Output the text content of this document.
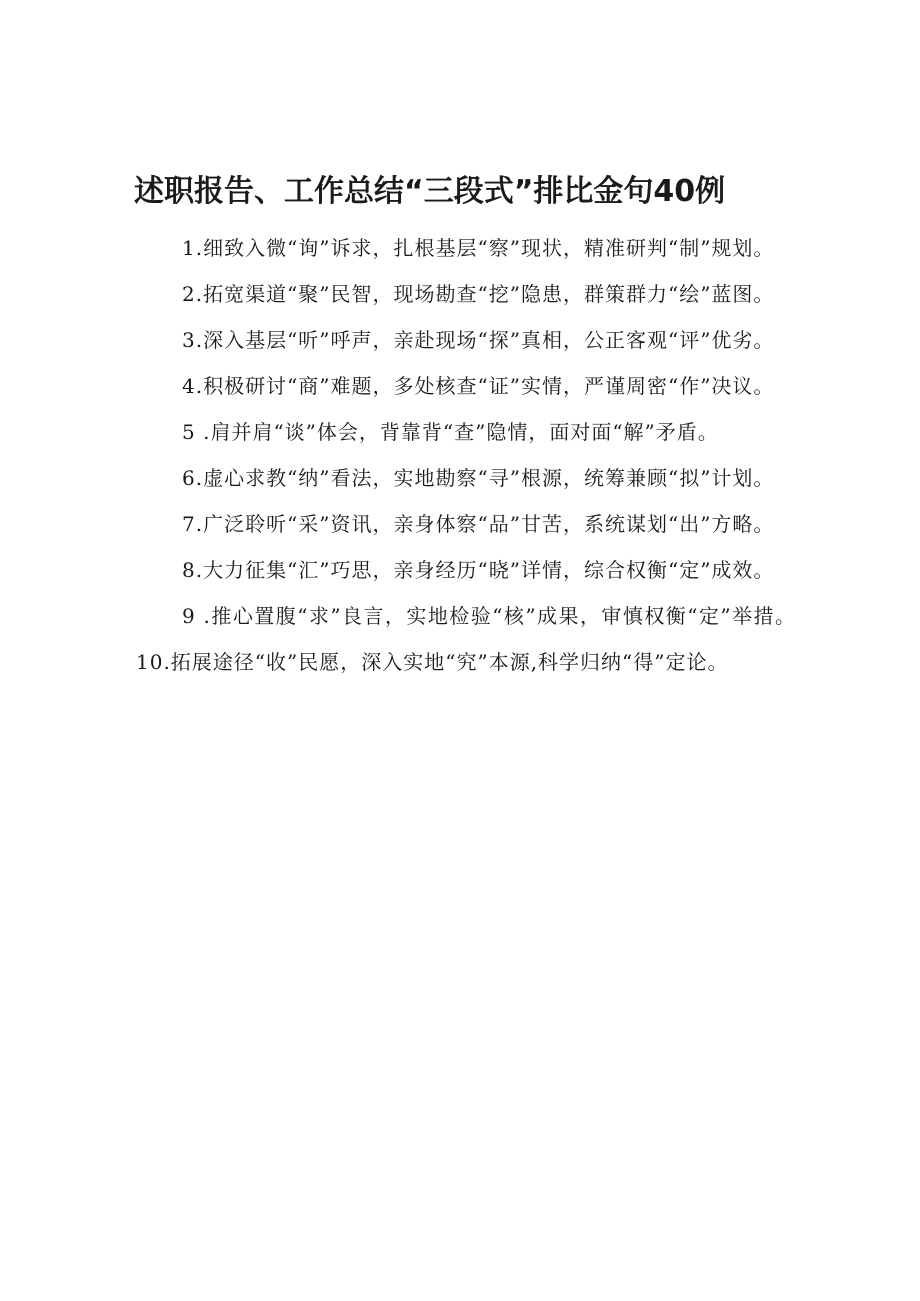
述职报告、工作总结“三段式”排比金句40例

1.细致入微“询”诉求，扎根基层“察”现状，精准研判“制”规划。

2.拓宽渠道“聚”民智，现场勘查“挖”隐患，群策群力“绘”蓝图。

3.深入基层“听”呼声，亲赴现场“探”真相，公正客观“评”优劣。

4.积极研讨“商”难题，多处核查“证”实情，严谨周密“作”决议。

5 .肩并肩“谈”体会，背靠背“查”隐情，面对面“解”矛盾。

6.虚心求教“纳”看法，实地勘察“寻”根源，统筹兼顾“拟”计划。

7.广泛聆听“采”资讯，亲身体察“品”甘苦，系统谋划“出”方略。

8.大力征集“汇”巧思，亲身经历“晓”详情，综合权衡“定”成效。

9 .推心置腹“求”良言，实地检验“核”成果，审慎权衡“定”举措。10.拓展途径“收”民愿，深入实地“究”本源,科学归纳“得”定论。
